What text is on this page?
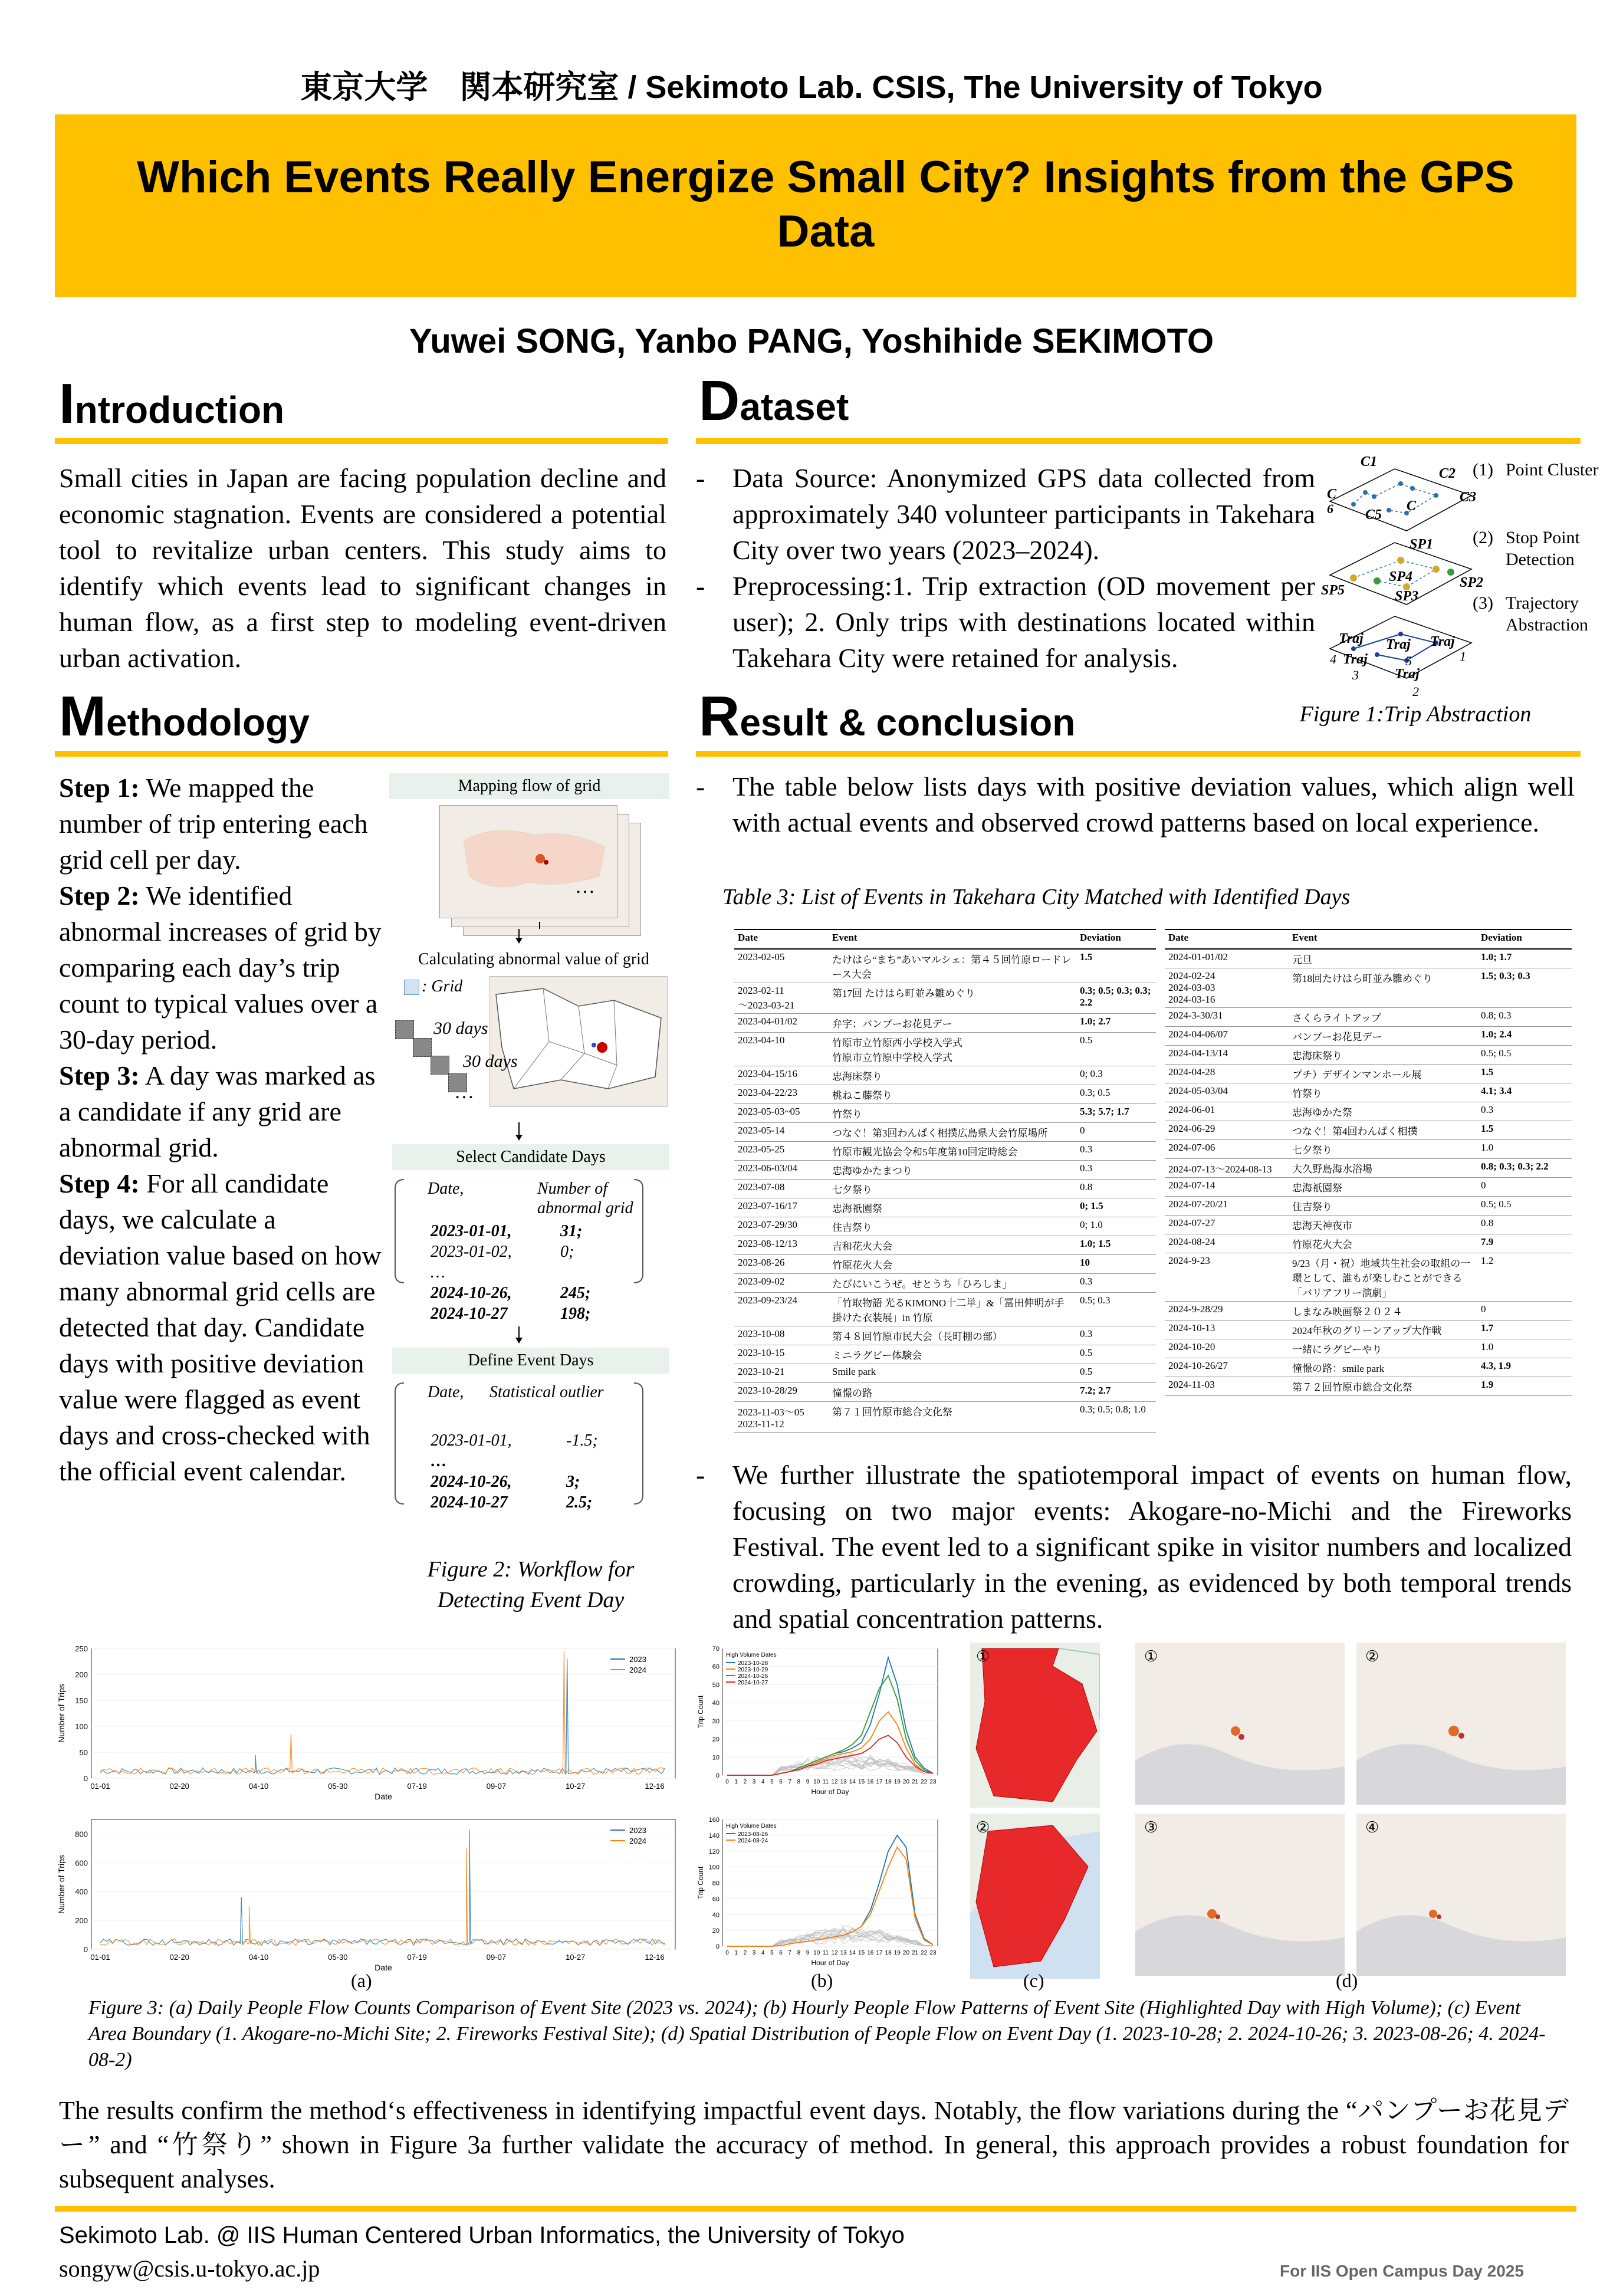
東京大学　関本研究室 / Sekimoto Lab. CSIS, The University of Tokyo
Which Events Really Energize Small City? Insights from the GPS Data
Yuwei SONG, Yanbo PANG, Yoshihide SEKIMOTO
Introduction
Small cities in Japan are facing population decline and economic stagnation. Events are considered a potential tool to revitalize urban centers. This study aims to identify which events lead to significant changes in human flow, as a first step to modeling event-driven urban activation.
Methodology
Step 1: We mapped the number of trip entering each grid cell per day.
Step 2: We identified abnormal increases of grid by comparing each day’s trip count to typical values over a 30-day period.
Step 3: A day was marked as a candidate if any grid are abnormal grid.
Step 4: For all candidate days, we calculate a deviation value based on how many abnormal grid cells are detected that day. Candidate days with positive deviation value were flagged as event days and cross-checked with the official event calendar.
Mapping flow of grid
…
Calculating abnormal value of grid
: Grid
30 days
30 days
…
Select Candidate Days
Date,	Number of
abnormal grid
2023-01-01,	31;
2023-01-02,	0;
…
2024-10-26,	245;
2024-10-27	198;
Define Event Days
Date, Statistical outlier
2023-01-01,	-1.5;
…
2024-10-26,	3;
2024-10-27	2.5;
Figure 2: Workflow for Detecting Event Day
Dataset
- Data Source: Anonymized GPS data collected from approximately 340 volunteer participants in Takehara City over two years (2023–2024).
- Preprocessing:1. Trip extraction (OD movement per user); 2. Only trips with destinations located within Takehara City were retained for analysis.
C1
C2
C3
C
6 C5
C
SP1
SP2
SP3
SP4
SP5
Traj Traj Traj
Traj
Traj
4
3
2
5	1
(1) Point Cluster
(2) Stop Point
Detection
(3) Trajectory
Abstraction
Figure 1:Trip Abstraction
Result & conclusion
- The table below lists days with positive deviation values, which align well with actual events and observed crowd patterns based on local experience.
Table 3: List of Events in Takehara City Matched with Identified Days
Date	Event	Deviation
2023-02-05	たけはら“まち”あいマルシェ：第４５回竹原ロードレース大会	1.5
2023-02-11
～2023-03-21	第17回 たけはら町並み雛めぐり	0.3; 0.5; 0.3; 0.3; 2.2
2023-04-01/02	弁字：バンブーお花見デー	1.0; 2.7
2023-04-10	竹原市立竹原西小学校入学式
竹原市立竹原中学校入学式	0.5
2023-04-15/16	忠海床祭り	0; 0.3
2023-04-22/23	桃ねこ藤祭り	0.3; 0.5
2023-05-03~05	竹祭り	5.3; 5.7; 1.7
2023-05-14	つなぐ！第3回わんぱく相撲広島県大会竹原場所	0
2023-05-25	竹原市観光協会令和5年度第10回定時総会	0.3
2023-06-03/04	忠海ゆかたまつり	0.3
2023-07-08	七夕祭り	0.8
2023-07-16/17	忠海祇園祭	0; 1.5
2023-07-29/30	住吉祭り	0; 1.0
2023-08-12/13	吉和花火大会	1.0; 1.5
2023-08-26	竹原花火大会	10
2023-09-02	たびにいこうぜ。せとうち「ひろしま」	0.3
2023-09-23/24	「竹取物語 光るKIMONO十二単」&「冨田伸明が手掛けた衣装展」in 竹原	0.5; 0.3
2023-10-08	第４８回竹原市民大会（長町棚の部）	0.3
2023-10-15	ミニラグビー体験会	0.5
2023-10-21	Smile park	0.5
2023-10-28/29	憧憬の路	7.2; 2.7
2023-11-03～05
2023-11-12	第７１回竹原市総合文化祭	0.3; 0.5; 0.8; 1.0
Date	Event	Deviation
2024-01-01/02	元旦	1.0; 1.7
2024-02-24
2024-03-03
2024-03-16	第18回たけはら町並み雛めぐり	1.5; 0.3; 0.3
2024-3-30/31	さくらライトアップ	0.8; 0.3
2024-04-06/07	バンブーお花見デー	1.0; 2.4
2024-04-13/14	忠海床祭り	0.5; 0.5
2024-04-28	プチ）デザインマンホール展	1.5
2024-05-03/04	竹祭り	4.1; 3.4
2024-06-01	忠海ゆかた祭	0.3
2024-06-29	つなぐ！第4回わんぱく相撲	1.5
2024-07-06	七夕祭り	1.0
2024-07-13～2024-08-13	大久野島海水浴場	0.8; 0.3; 0.3; 2.2
2024-07-14	忠海祇園祭	0
2024-07-20/21	住吉祭り	0.5; 0.5
2024-07-27	忠海天神夜市	0.8
2024-08-24	竹原花火大会	7.9
2024-9-23	9/23（月・祝）地域共生社会の取組の一環として、誰もが楽しむことができる「バリアフリー演劇」	1.2
2024-9-28/29	しまなみ映画祭２０２４	0
2024-10-13	2024年秋のグリーンアップ大作戦	1.7
2024-10-20	一緒にラグビーやり	1.0
2024-10-26/27	憧憬の路：smile park	4.3, 1.9
2024-11-03	第７２回竹原市総合文化祭	1.9
- We further illustrate the spatiotemporal impact of events on human flow, focusing on two major events: Akogare-no-Michi and the Fireworks Festival. The event led to a significant spike in visitor numbers and localized crowding, particularly in the evening, as evidenced by both temporal trends and spatial concentration patterns.
0
50
100
150
200
250
01-01	02-20	04-10	05-30	07-19	09-07	10-27	12-16
Date
Number of Trips
2023
2024
0
200
400
600
800
01-01	02-20	04-10	05-30	07-19	09-07	10-27	12-16
Date
Number of Trips
2023
2024
0
10
20
30
40
50
60
70
0 1 2 3 4 5 6 7 8 9 10 11 12 13 14 15 16 17 18 19 20 21 22 23
Hour of Day
Trip Count
High Volume Dates
2023-10-28
2023-10-29
2024-10-26
2024-10-27
0
20
40
60
80
100
120
140
160
0 1 2 3 4 5 6 7 8 9 10 11 12 13 14 15 16 17 18 19 20 21 22 23
Hour of Day
Trip Count
High Volume Dates
2023-08-26
2024-08-24
①
②
①	②
③	④
(a)	(b)	(c)	(d)
Figure 3: (a) Daily People Flow Counts Comparison of Event Site (2023 vs. 2024); (b) Hourly People Flow Patterns of Event Site (Highlighted Day with High Volume); (c) Event Area Boundary (1. Akogare-no-Michi Site; 2. Fireworks Festival Site); (d) Spatial Distribution of People Flow on Event Day (1. 2023-10-28; 2. 2024-10-26; 3. 2023-08-26; 4. 2024-08-2)
The results confirm the method‘s effectiveness in identifying impactful event days. Notably, the flow variations during the “パンプーお花見デー” and “竹祭り” shown in Figure 3a further validate the accuracy of method. In general, this approach provides a robust foundation for subsequent analyses.
Sekimoto Lab. @ IIS Human Centered Urban Informatics, the University of Tokyo
songyw@csis.u-tokyo.ac.jp	For IIS Open Campus Day 2025
